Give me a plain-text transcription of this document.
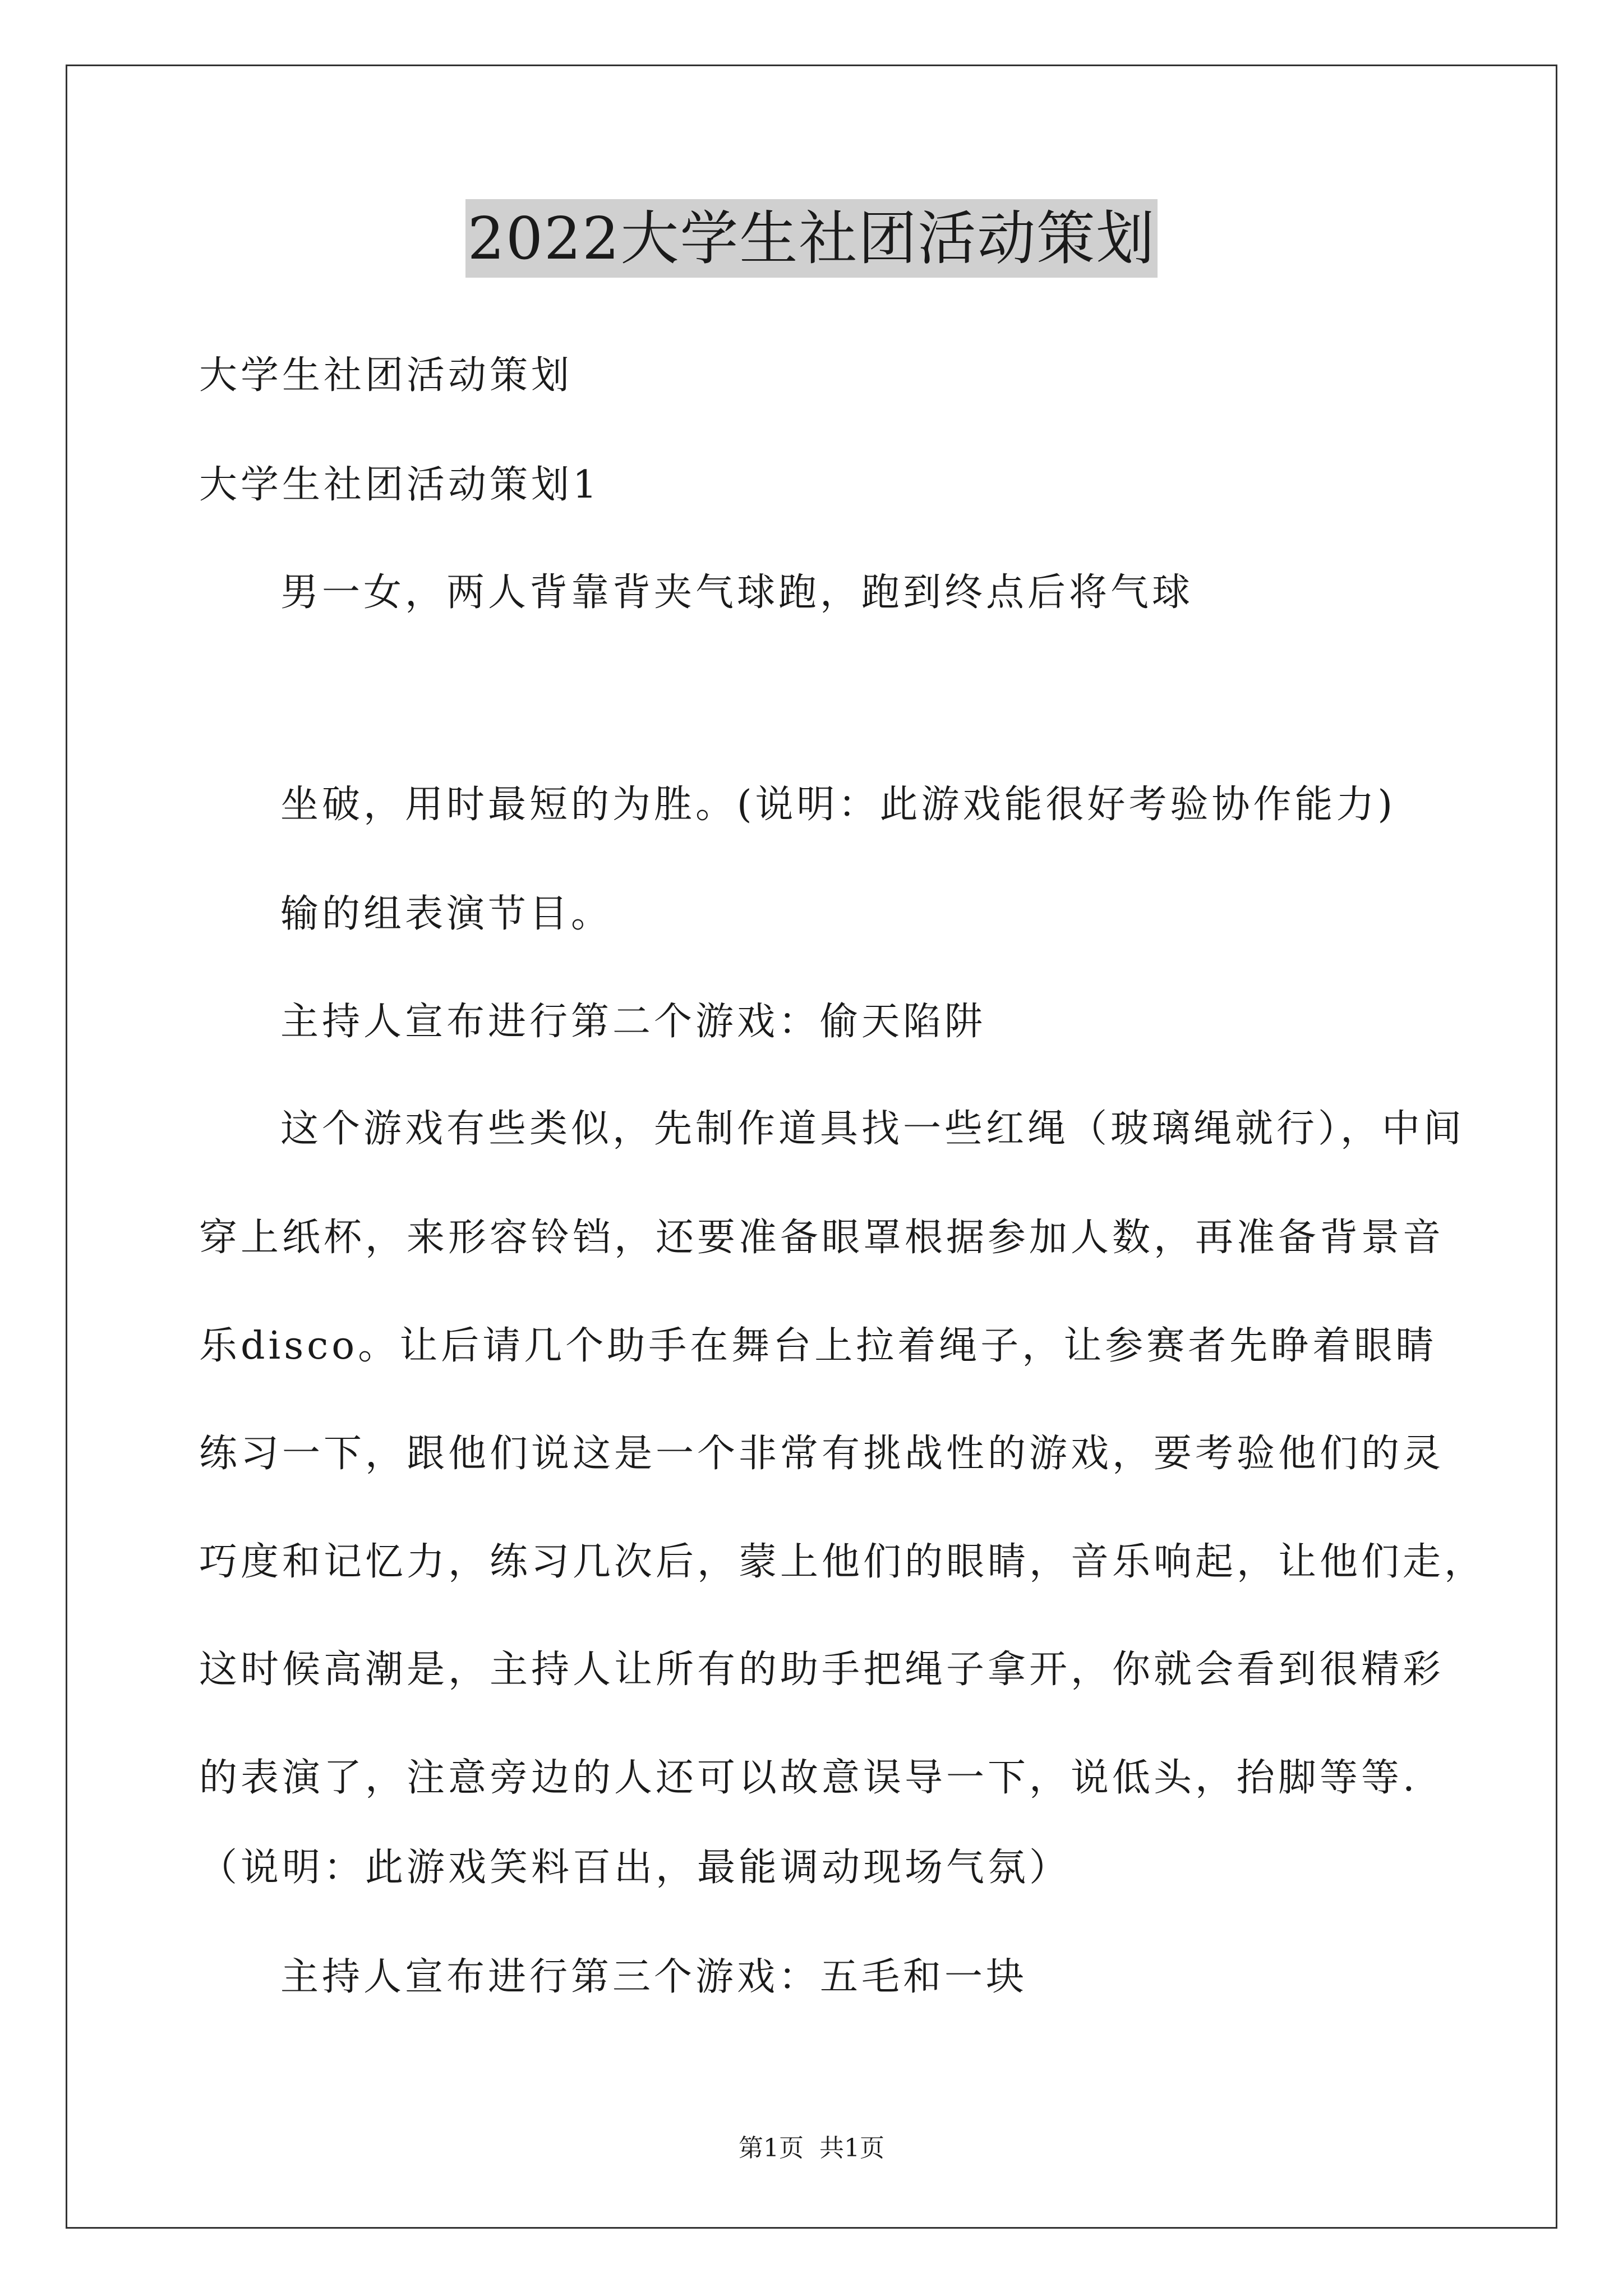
2022大学生社团活动策划
大学生社团活动策划
大学生社团活动策划1
男一女，两人背靠背夹气球跑，跑到终点后将气球
坐破，用时最短的为胜。(说明：此游戏能很好考验协作能力)
输的组表演节目。
主持人宣布进行第二个游戏：偷天陷阱
这个游戏有些类似，先制作道具找一些红绳（玻璃绳就行），中间
穿上纸杯，来形容铃铛，还要准备眼罩根据参加人数，再准备背景音
乐disco。让后请几个助手在舞台上拉着绳子，让参赛者先睁着眼睛
练习一下，跟他们说这是一个非常有挑战性的游戏，要考验他们的灵
巧度和记忆力，练习几次后，蒙上他们的眼睛，音乐响起，让他们走，
这时候高潮是，主持人让所有的助手把绳子拿开，你就会看到很精彩
的表演了，注意旁边的人还可以故意误导一下，说低头，抬脚等等.
（说明：此游戏笑料百出，最能调动现场气氛）
主持人宣布进行第三个游戏：五毛和一块
第1页 共1页
